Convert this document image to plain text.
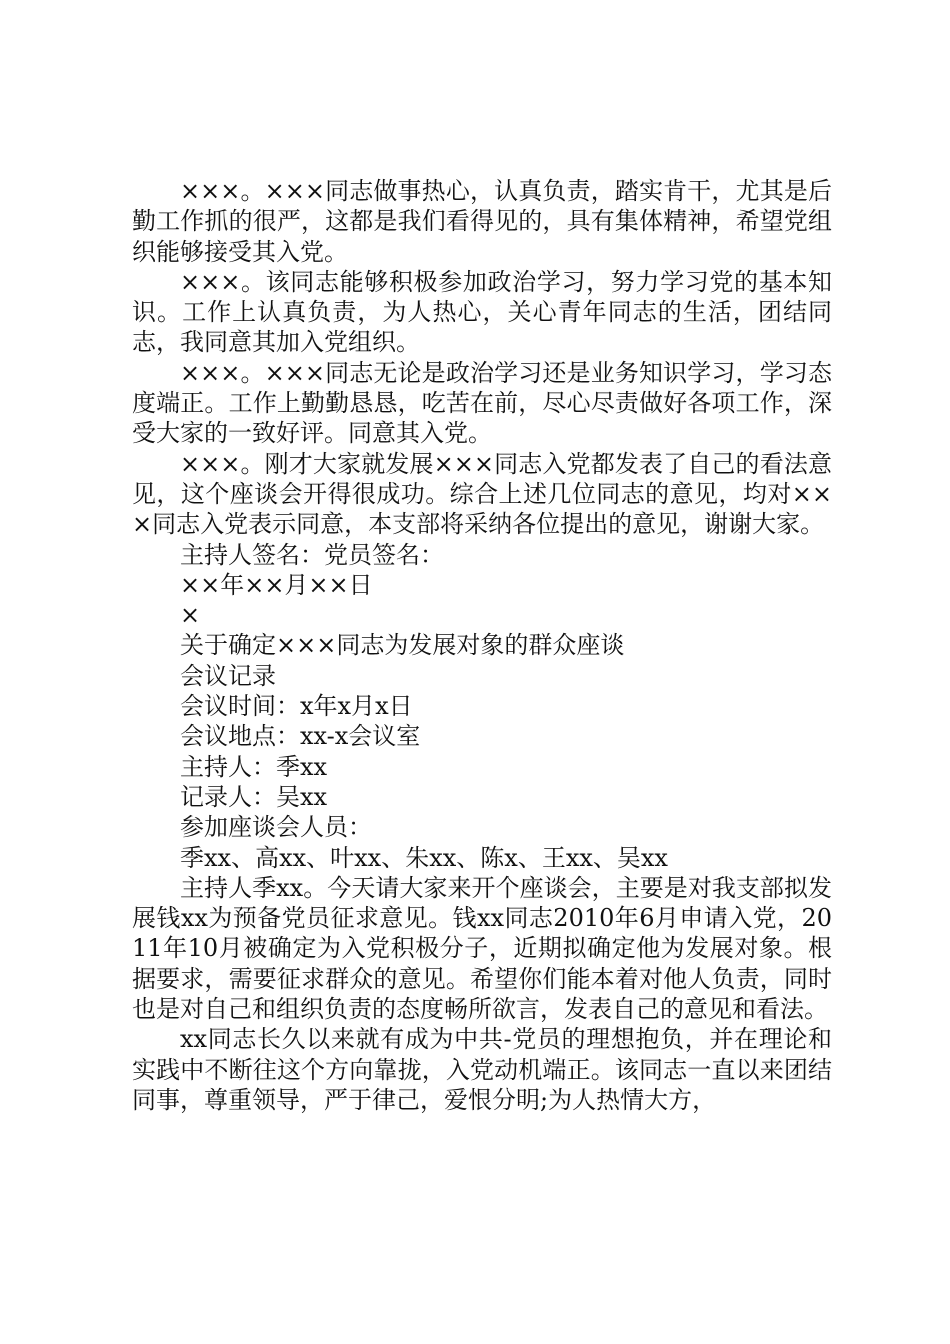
×××。×××同志做事热心，认真负责，踏实肯干，尤其是后勤工作抓的很严，这都是我们看得见的，具有集体精神，希望党组织能够接受其入党。

×××。该同志能够积极参加政治学习，努力学习党的基本知识。工作上认真负责，为人热心，关心青年同志的生活，团结同志，我同意其加入党组织。

×××。×××同志无论是政治学习还是业务知识学习，学习态度端正。工作上勤勤恳恳，吃苦在前，尽心尽责做好各项工作，深受大家的一致好评。同意其入党。

×××。刚才大家就发展×××同志入党都发表了自己的看法意见，这个座谈会开得很成功。综合上述几位同志的意见，均对×××同志入党表示同意，本支部将采纳各位提出的意见，谢谢大家。

主持人签名：党员签名：

××年××月××日

×

关于确定×××同志为发展对象的群众座谈

会议记录

会议时间：x年x月x日

会议地点：xx-x会议室

主持人：季xx

记录人：吴xx

参加座谈会人员：

季xx、高xx、叶xx、朱xx、陈x、王xx、吴xx

主持人季xx。今天请大家来开个座谈会，主要是对我支部拟发展钱xx为预备党员征求意见。钱xx同志2010年6月申请入党，2011年10月被确定为入党积极分子，近期拟确定他为发展对象。根据要求，需要征求群众的意见。希望你们能本着对他人负责，同时也是对自己和组织负责的态度畅所欲言，发表自己的意见和看法。

xx同志长久以来就有成为中共-党员的理想抱负，并在理论和实践中不断往这个方向靠拢，入党动机端正。该同志一直以来团结同事，尊重领导，严于律己，爱恨分明;为人热情大方，
